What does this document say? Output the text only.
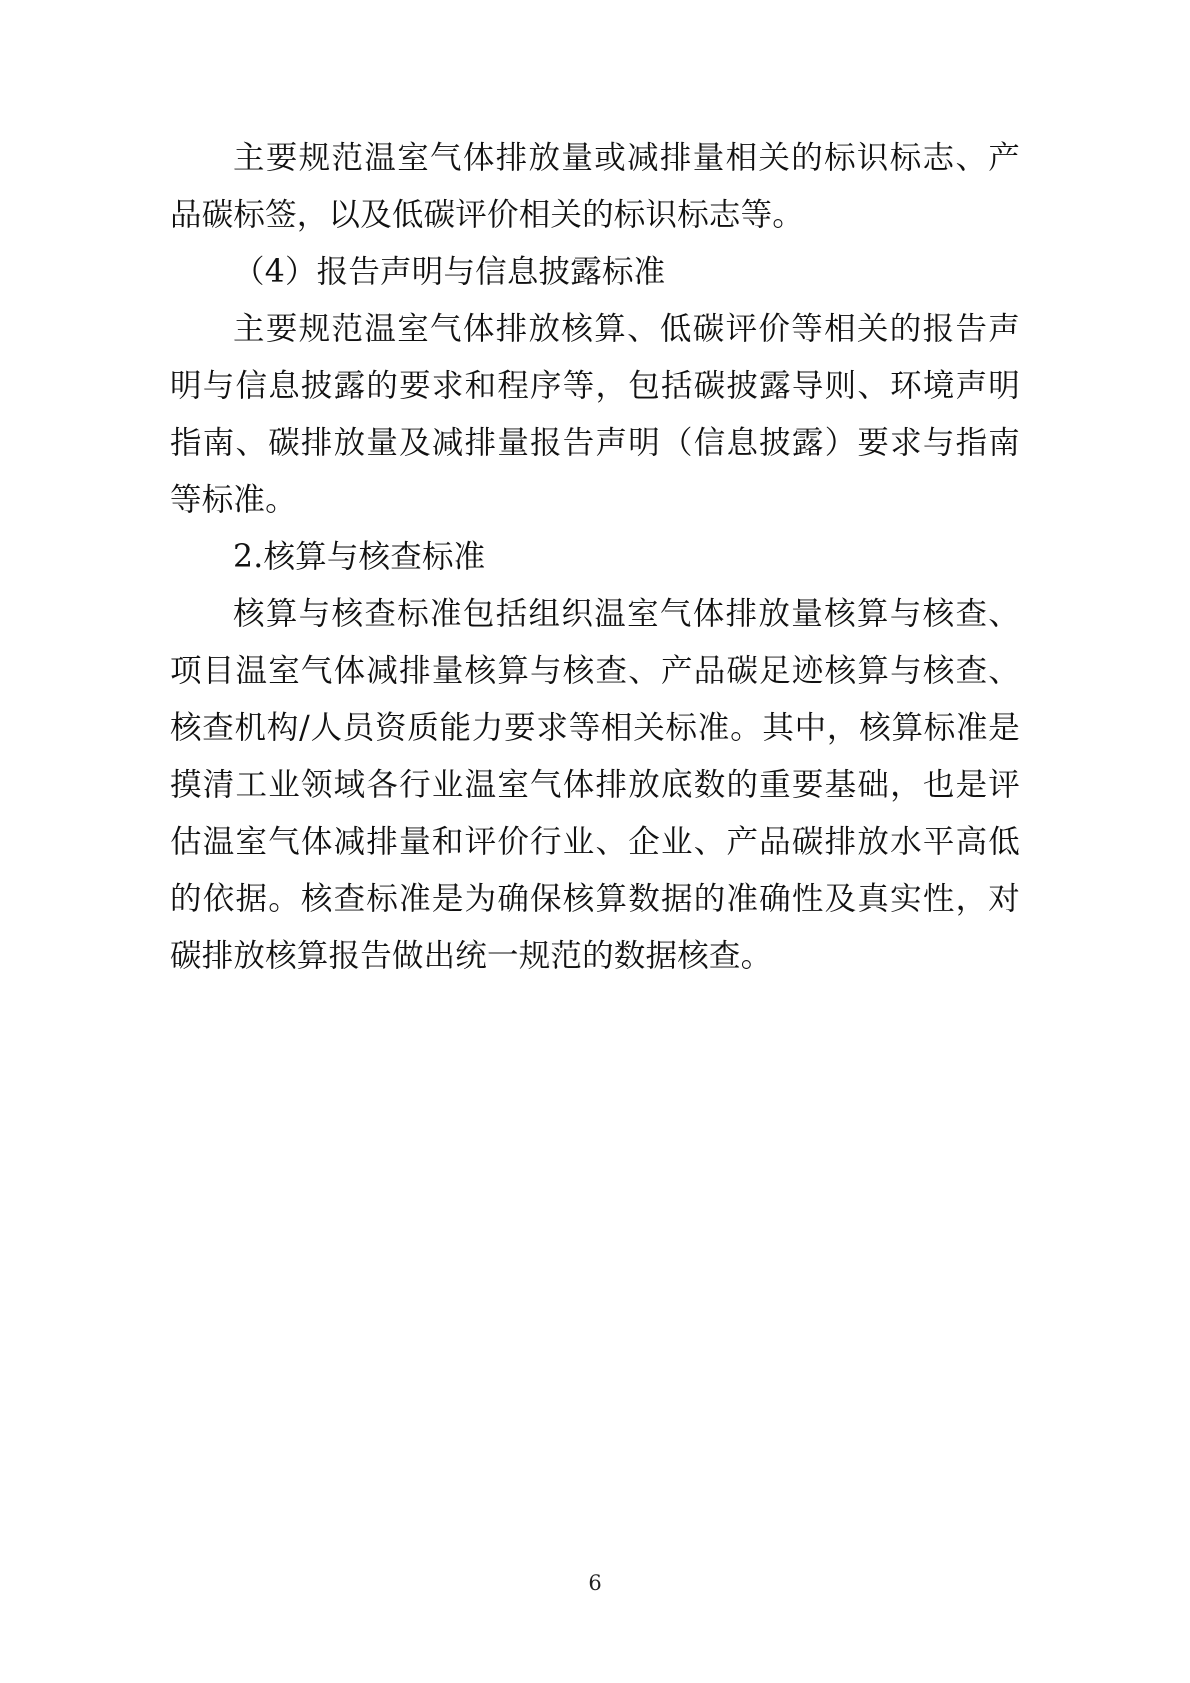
主要规范温室气体排放量或减排量相关的标识标志、产品碳标签，以及低碳评价相关的标识标志等。

（4）报告声明与信息披露标准

主要规范温室气体排放核算、低碳评价等相关的报告声明与信息披露的要求和程序等，包括碳披露导则、环境声明指南、碳排放量及减排量报告声明（信息披露）要求与指南等标准。

2.核算与核查标准

核算与核查标准包括组织温室气体排放量核算与核查、项目温室气体减排量核算与核查、产品碳足迹核算与核查、核查机构/人员资质能力要求等相关标准。其中，核算标准是摸清工业领域各行业温室气体排放底数的重要基础，也是评估温室气体减排量和评价行业、企业、产品碳排放水平高低的依据。核查标准是为确保核算数据的准确性及真实性，对碳排放核算报告做出统一规范的数据核查。

6
